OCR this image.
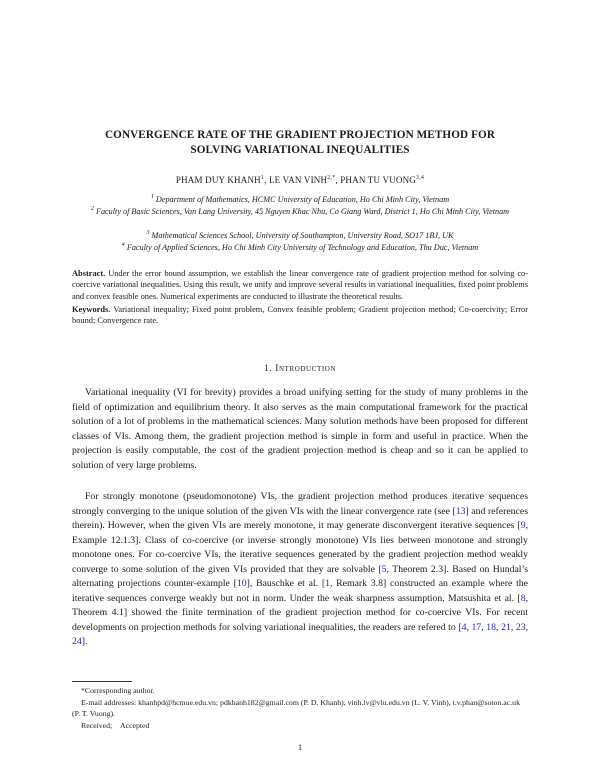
CONVERGENCE RATE OF THE GRADIENT PROJECTION METHOD FOR
SOLVING VARIATIONAL INEQUALITIES
PHAM DUY KHANH$^1$, LE VAN $VINH^{2,*}$, PHAN TU VUONG$^{3,4}$
$^1$ Department of Mathematics, HCMC University of Education, Ho Chi Minh City, Vietnam
$^2$ Faculty of Basic Sciences, Van Lang University, 45 Nguyen Khac Nhu, Co Giang Ward, District 1, Ho Chi Minh City, Vietnam
$^3$ Mathematical Sciences School, University of Southampton, University Road, SO17 1BJ, UK
$^4$ Faculty of Applied Sciences, Ho Chi Minh City University of Technology and Education, Thu Duc, Vietnam
Abstract. Under the error bound assumption, we establish the linear convergence rate of gradient projection method for solving co-coercive variational inequalities. Using this result, we unify and improve several results in variational inequalities, fixed point problems and convex feasible ones. Numerical experiments are conducted to illustrate the theoretical results.
Keywords. Variational inequality; Fixed point problem, Convex feasible problem; Gradient projection method; Co-coercivity; Error bound; Convergence rate.
1. Introduction
Variational inequality (VI for brevity) provides a broad unifying setting for the study of many problems in the field of optimization and equilibrium theory. It also serves as the main computational framework for the practical solution of a lot of problems in the mathematical sciences. Many solution methods have been proposed for different classes of VIs. Among them, the gradient projection method is simple in form and useful in practice. When the projection is easily computable, the cost of the gradient projection method is cheap and so it can be applied to solution of very large problems.
For strongly monotone (pseudomonotone) VIs, the gradient projection method produces iterative sequences strongly converging to the unique solution of the given VIs with the linear convergence rate (see [13] and references therein). However, when the given VIs are merely monotone, it may generate disconvergent iterative sequences [9, Example 12.1.3]. Class of co-coercive (or inverse strongly monotone) VIs lies between monotone and strongly monotone ones. For co-coercive VIs, the iterative sequences generated by the gradient projection method weakly converge to some solution of the given VIs provided that they are solvable [5, Theorem 2.3]. Based on Hundal’s alternating projections counter-example [10], Bauschke et al. [1, Remark 3.8] constructed an example where the iterative sequences converge weakly but not in norm. Under the weak sharpness assumption, Matsushita et al. [8, Theorem 4.1] showed the finite termination of the gradient projection method for co-coercive VIs. For recent developments on projection methods for solving variational inequalities, the readers are refered to [4, 17, 18, 21, 23, 24].
*Corresponding author.
E-mail addresses: khanhpd@hcmue.edu.vn; pdkhanh182@gmail.com (P. D. Khanh), vinh.lv@vlu.edu.vn (L. V. Vinh), t.v.phan@soton.ac.uk (P. T. Vuong).
Received; Accepted
1
